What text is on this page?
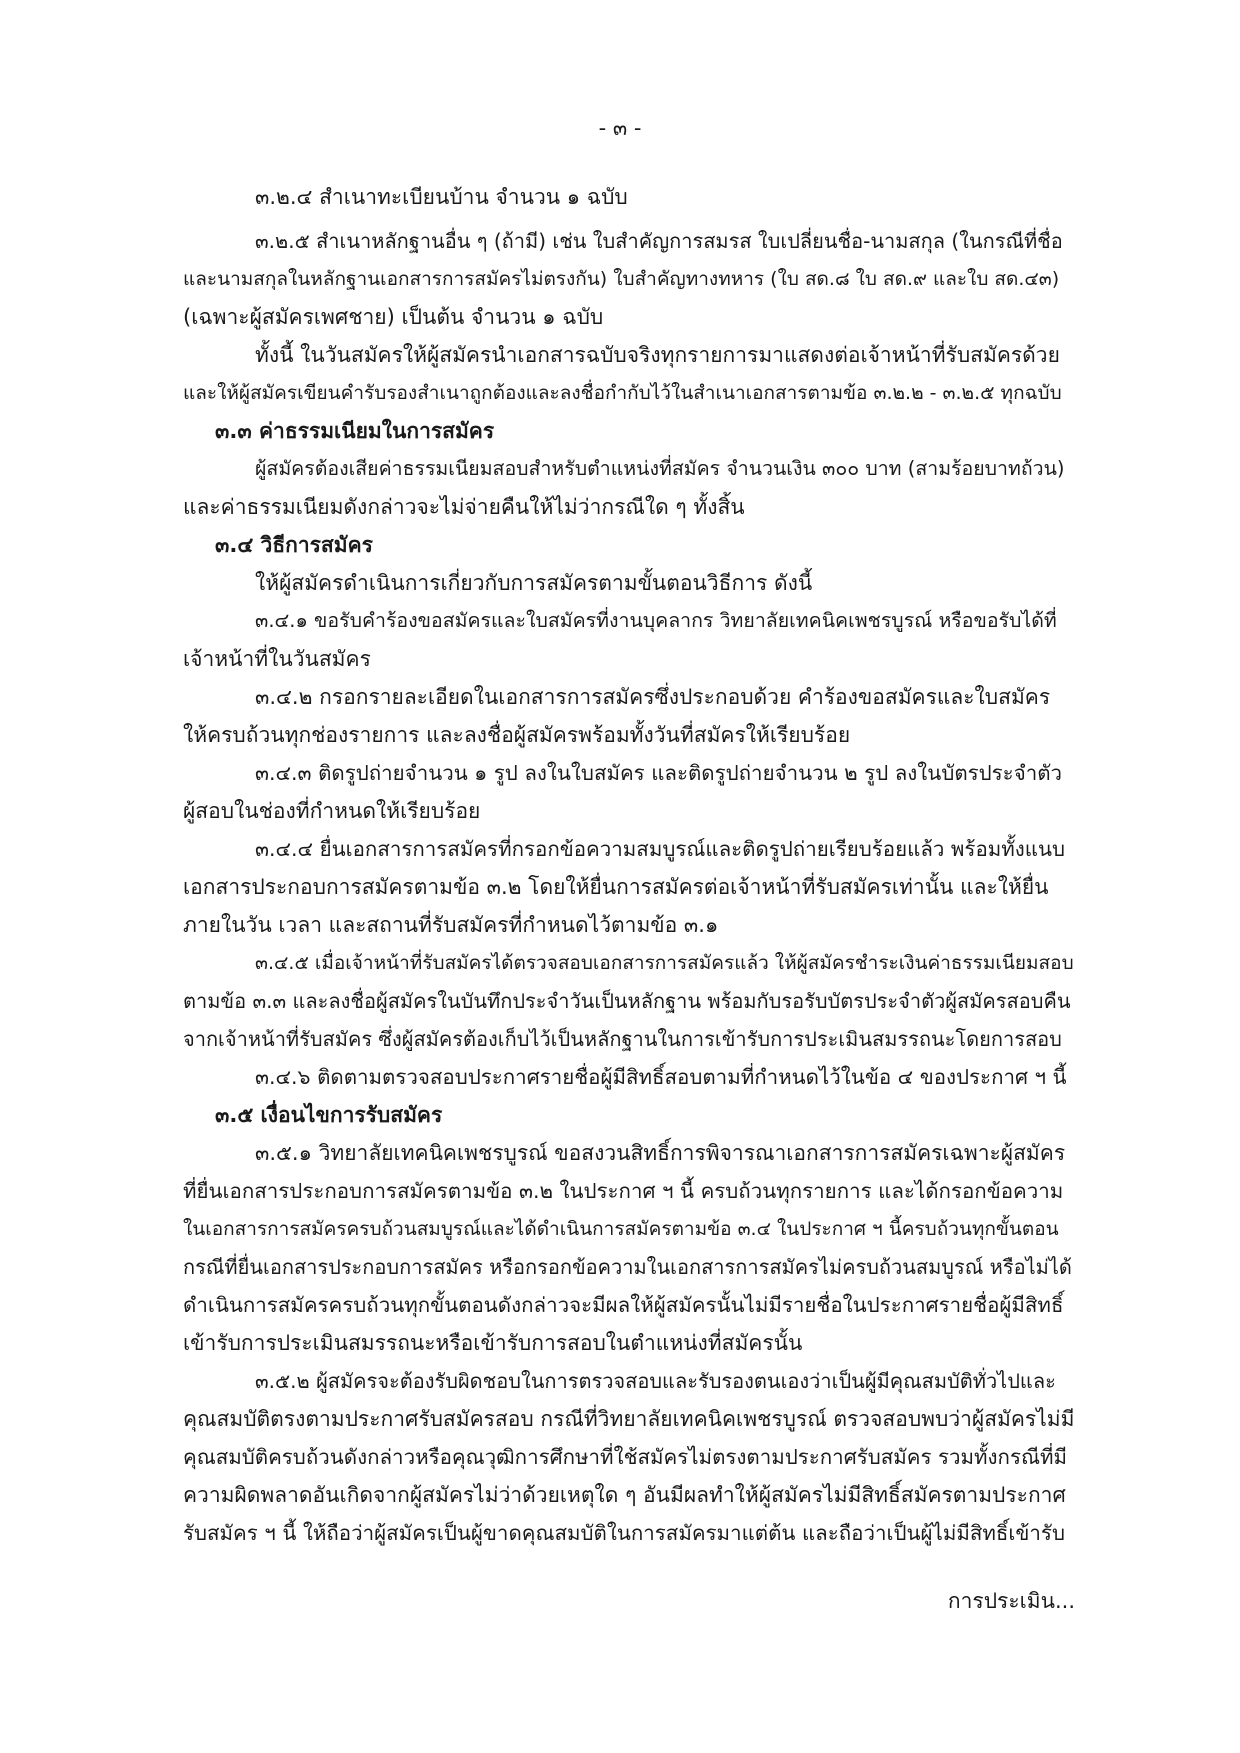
- ๓ -
๓.๒.๔ สำเนาทะเบียนบ้าน จำนวน ๑ ฉบับ
๓.๒.๕ สำเนาหลักฐานอื่น ๆ (ถ้ามี) เช่น ใบสำคัญการสมรส ใบเปลี่ยนชื่อ-นามสกุล (ในกรณีที่ชื่อ
และนามสกุลในหลักฐานเอกสารการสมัครไม่ตรงกัน) ใบสำคัญทางทหาร (ใบ สด.๘ ใบ สด.๙ และใบ สด.๔๓)
(เฉพาะผู้สมัครเพศชาย) เป็นต้น จำนวน ๑ ฉบับ
ทั้งนี้ ในวันสมัครให้ผู้สมัครนำเอกสารฉบับจริงทุกรายการมาแสดงต่อเจ้าหน้าที่รับสมัครด้วย
และให้ผู้สมัครเขียนคำรับรองสำเนาถูกต้องและลงชื่อกำกับไว้ในสำเนาเอกสารตามข้อ ๓.๒.๒ - ๓.๒.๕ ทุกฉบับ
๓.๓ ค่าธรรมเนียมในการสมัคร
ผู้สมัครต้องเสียค่าธรรมเนียมสอบสำหรับตำแหน่งที่สมัคร จำนวนเงิน ๓๐๐ บาท (สามร้อยบาทถ้วน)
และค่าธรรมเนียมดังกล่าวจะไม่จ่ายคืนให้ไม่ว่ากรณีใด ๆ ทั้งสิ้น
๓.๔ วิธีการสมัคร
ให้ผู้สมัครดำเนินการเกี่ยวกับการสมัครตามขั้นตอนวิธีการ ดังนี้
๓.๔.๑ ขอรับคำร้องขอสมัครและใบสมัครที่งานบุคลากร วิทยาลัยเทคนิคเพชรบูรณ์ หรือขอรับได้ที่
เจ้าหน้าที่ในวันสมัคร
๓.๔.๒ กรอกรายละเอียดในเอกสารการสมัครซึ่งประกอบด้วย คำร้องขอสมัครและใบสมัคร
ให้ครบถ้วนทุกช่องรายการ และลงชื่อผู้สมัครพร้อมทั้งวันที่สมัครให้เรียบร้อย
๓.๔.๓ ติดรูปถ่ายจำนวน ๑ รูป ลงในใบสมัคร และติดรูปถ่ายจำนวน ๒ รูป ลงในบัตรประจำตัว
ผู้สอบในช่องที่กำหนดให้เรียบร้อย
๓.๔.๔ ยื่นเอกสารการสมัครที่กรอกข้อความสมบูรณ์และติดรูปถ่ายเรียบร้อยแล้ว พร้อมทั้งแนบ
เอกสารประกอบการสมัครตามข้อ ๓.๒ โดยให้ยื่นการสมัครต่อเจ้าหน้าที่รับสมัครเท่านั้น และให้ยื่น
ภายในวัน เวลา และสถานที่รับสมัครที่กำหนดไว้ตามข้อ ๓.๑
๓.๔.๕ เมื่อเจ้าหน้าที่รับสมัครได้ตรวจสอบเอกสารการสมัครแล้ว ให้ผู้สมัครชำระเงินค่าธรรมเนียมสอบ
ตามข้อ ๓.๓ และลงชื่อผู้สมัครในบันทึกประจำวันเป็นหลักฐาน พร้อมกับรอรับบัตรประจำตัวผู้สมัครสอบคืน
จากเจ้าหน้าที่รับสมัคร ซึ่งผู้สมัครต้องเก็บไว้เป็นหลักฐานในการเข้ารับการประเมินสมรรถนะโดยการสอบ
๓.๔.๖ ติดตามตรวจสอบประกาศรายชื่อผู้มีสิทธิ์สอบตามที่กำหนดไว้ในข้อ ๔ ของประกาศ ฯ นี้
๓.๕ เงื่อนไขการรับสมัคร
๓.๕.๑ วิทยาลัยเทคนิคเพชรบูรณ์ ขอสงวนสิทธิ์การพิจารณาเอกสารการสมัครเฉพาะผู้สมัคร
ที่ยื่นเอกสารประกอบการสมัครตามข้อ ๓.๒ ในประกาศ ฯ นี้ ครบถ้วนทุกรายการ และได้กรอกข้อความ
ในเอกสารการสมัครครบถ้วนสมบูรณ์และได้ดำเนินการสมัครตามข้อ ๓.๔ ในประกาศ ฯ นี้ครบถ้วนทุกขั้นตอน
กรณีที่ยื่นเอกสารประกอบการสมัคร หรือกรอกข้อความในเอกสารการสมัครไม่ครบถ้วนสมบูรณ์ หรือไม่ได้
ดำเนินการสมัครครบถ้วนทุกขั้นตอนดังกล่าวจะมีผลให้ผู้สมัครนั้นไม่มีรายชื่อในประกาศรายชื่อผู้มีสิทธิ์
เข้ารับการประเมินสมรรถนะหรือเข้ารับการสอบในตำแหน่งที่สมัครนั้น
๓.๕.๒ ผู้สมัครจะต้องรับผิดชอบในการตรวจสอบและรับรองตนเองว่าเป็นผู้มีคุณสมบัติทั่วไปและ
คุณสมบัติตรงตามประกาศรับสมัครสอบ กรณีที่วิทยาลัยเทคนิคเพชรบูรณ์ ตรวจสอบพบว่าผู้สมัครไม่มี
คุณสมบัติครบถ้วนดังกล่าวหรือคุณวุฒิการศึกษาที่ใช้สมัครไม่ตรงตามประกาศรับสมัคร รวมทั้งกรณีที่มี
ความผิดพลาดอันเกิดจากผู้สมัครไม่ว่าด้วยเหตุใด ๆ อันมีผลทำให้ผู้สมัครไม่มีสิทธิ์สมัครตามประกาศ
รับสมัคร ฯ นี้ ให้ถือว่าผู้สมัครเป็นผู้ขาดคุณสมบัติในการสมัครมาแต่ต้น และถือว่าเป็นผู้ไม่มีสิทธิ์เข้ารับ
การประเมิน...
